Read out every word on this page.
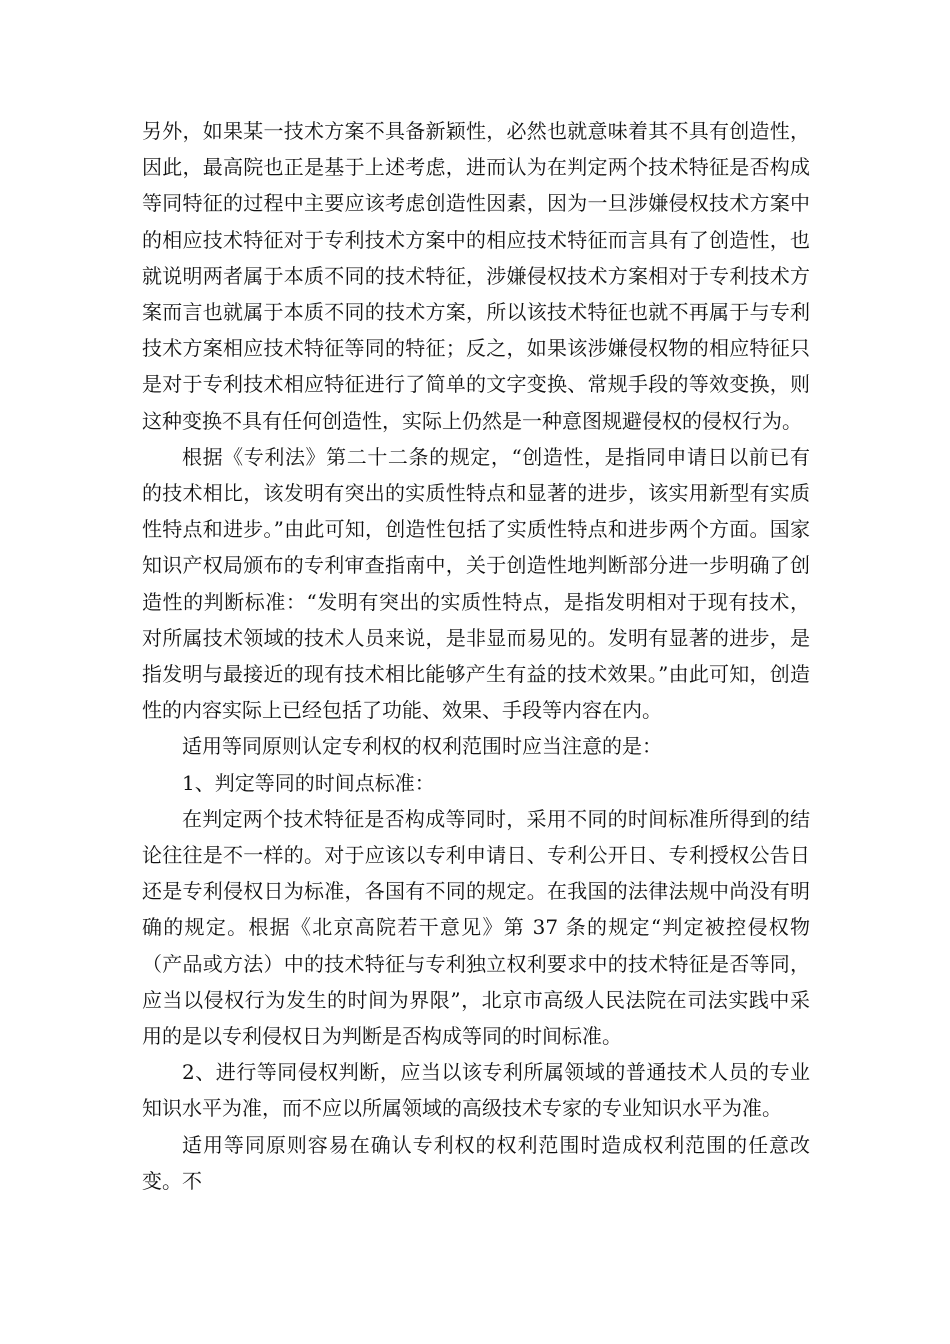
另外，如果某一技术方案不具备新颖性，必然也就意味着其不具有创造性，因此，最高院也正是基于上述考虑，进而认为在判定两个技术特征是否构成等同特征的过程中主要应该考虑创造性因素，因为一旦涉嫌侵权技术方案中的相应技术特征对于专利技术方案中的相应技术特征而言具有了创造性，也就说明两者属于本质不同的技术特征，涉嫌侵权技术方案相对于专利技术方案而言也就属于本质不同的技术方案，所以该技术特征也就不再属于与专利技术方案相应技术特征等同的特征；反之，如果该涉嫌侵权物的相应特征只是对于专利技术相应特征进行了简单的文字变换、常规手段的等效变换，则这种变换不具有任何创造性，实际上仍然是一种意图规避侵权的侵权行为。

根据《专利法》第二十二条的规定，“创造性，是指同申请日以前已有的技术相比，该发明有突出的实质性特点和显著的进步，该实用新型有实质性特点和进步。”由此可知，创造性包括了实质性特点和进步两个方面。国家知识产权局颁布的专利审查指南中，关于创造性地判断部分进一步明确了创造性的判断标准：“发明有突出的实质性特点，是指发明相对于现有技术，对所属技术领域的技术人员来说，是非显而易见的。发明有显著的进步，是指发明与最接近的现有技术相比能够产生有益的技术效果。”由此可知，创造性的内容实际上已经包括了功能、效果、手段等内容在内。

适用等同原则认定专利权的权利范围时应当注意的是：

1、判定等同的时间点标准：

在判定两个技术特征是否构成等同时，采用不同的时间标准所得到的结论往往是不一样的。对于应该以专利申请日、专利公开日、专利授权公告日还是专利侵权日为标准，各国有不同的规定。在我国的法律法规中尚没有明确的规定。根据《北京高院若干意见》第 37 条的规定“判定被控侵权物（产品或方法）中的技术特征与专利独立权利要求中的技术特征是否等同，应当以侵权行为发生的时间为界限”，北京市高级人民法院在司法实践中采用的是以专利侵权日为判断是否构成等同的时间标准。

2、进行等同侵权判断，应当以该专利所属领域的普通技术人员的专业知识水平为准，而不应以所属领域的高级技术专家的专业知识水平为准。

适用等同原则容易在确认专利权的权利范围时造成权利范围的任意改变。不
